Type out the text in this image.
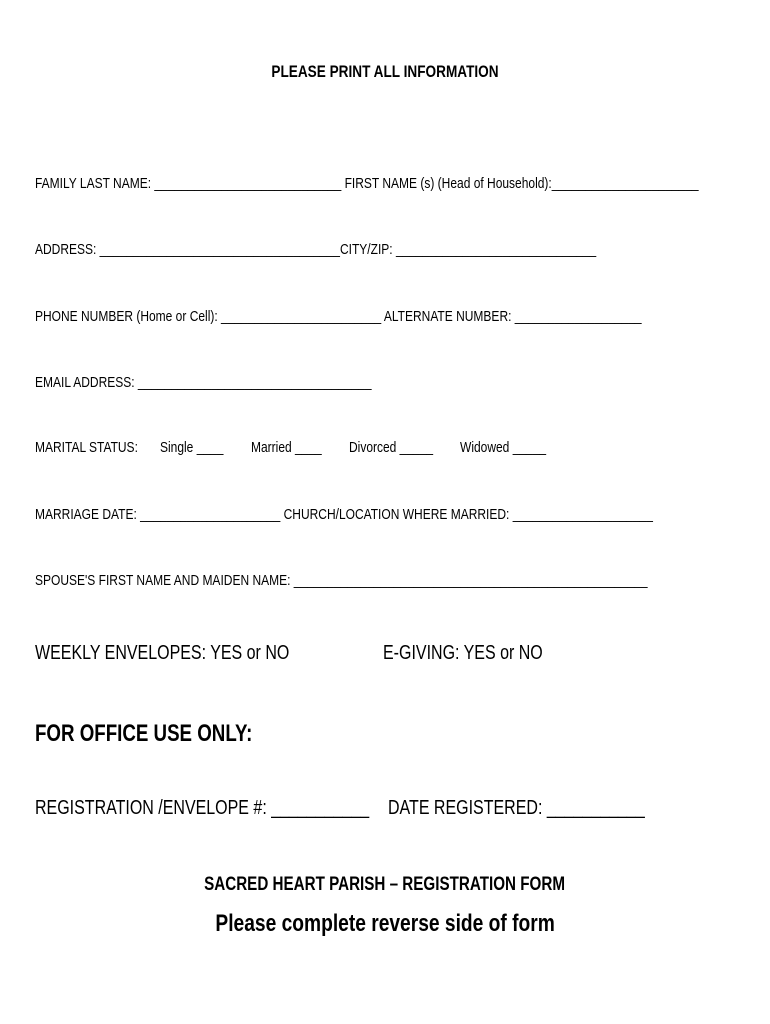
PLEASE PRINT ALL INFORMATION
FAMILY LAST NAME: ____________________________ FIRST NAME (s) (Head of Household):______________________
ADDRESS: ____________________________________CITY/ZIP: ______________________________
PHONE NUMBER (Home or Cell): ________________________ ALTERNATE NUMBER: ___________________
EMAIL ADDRESS: ___________________________________
MARITAL STATUS: Single ____ Married ____ Divorced _____ Widowed _____
MARRIAGE DATE: _____________________ CHURCH/LOCATION WHERE MARRIED: _____________________
SPOUSE'S FIRST NAME AND MAIDEN NAME: _____________________________________________________
WEEKLY ENVELOPES: YES or NO	E-GIVING: YES or NO
FOR OFFICE USE ONLY:
REGISTRATION /ENVELOPE #: ___________ DATE REGISTERED: ___________
SACRED HEART PARISH – REGISTRATION FORM
Please complete reverse side of form
